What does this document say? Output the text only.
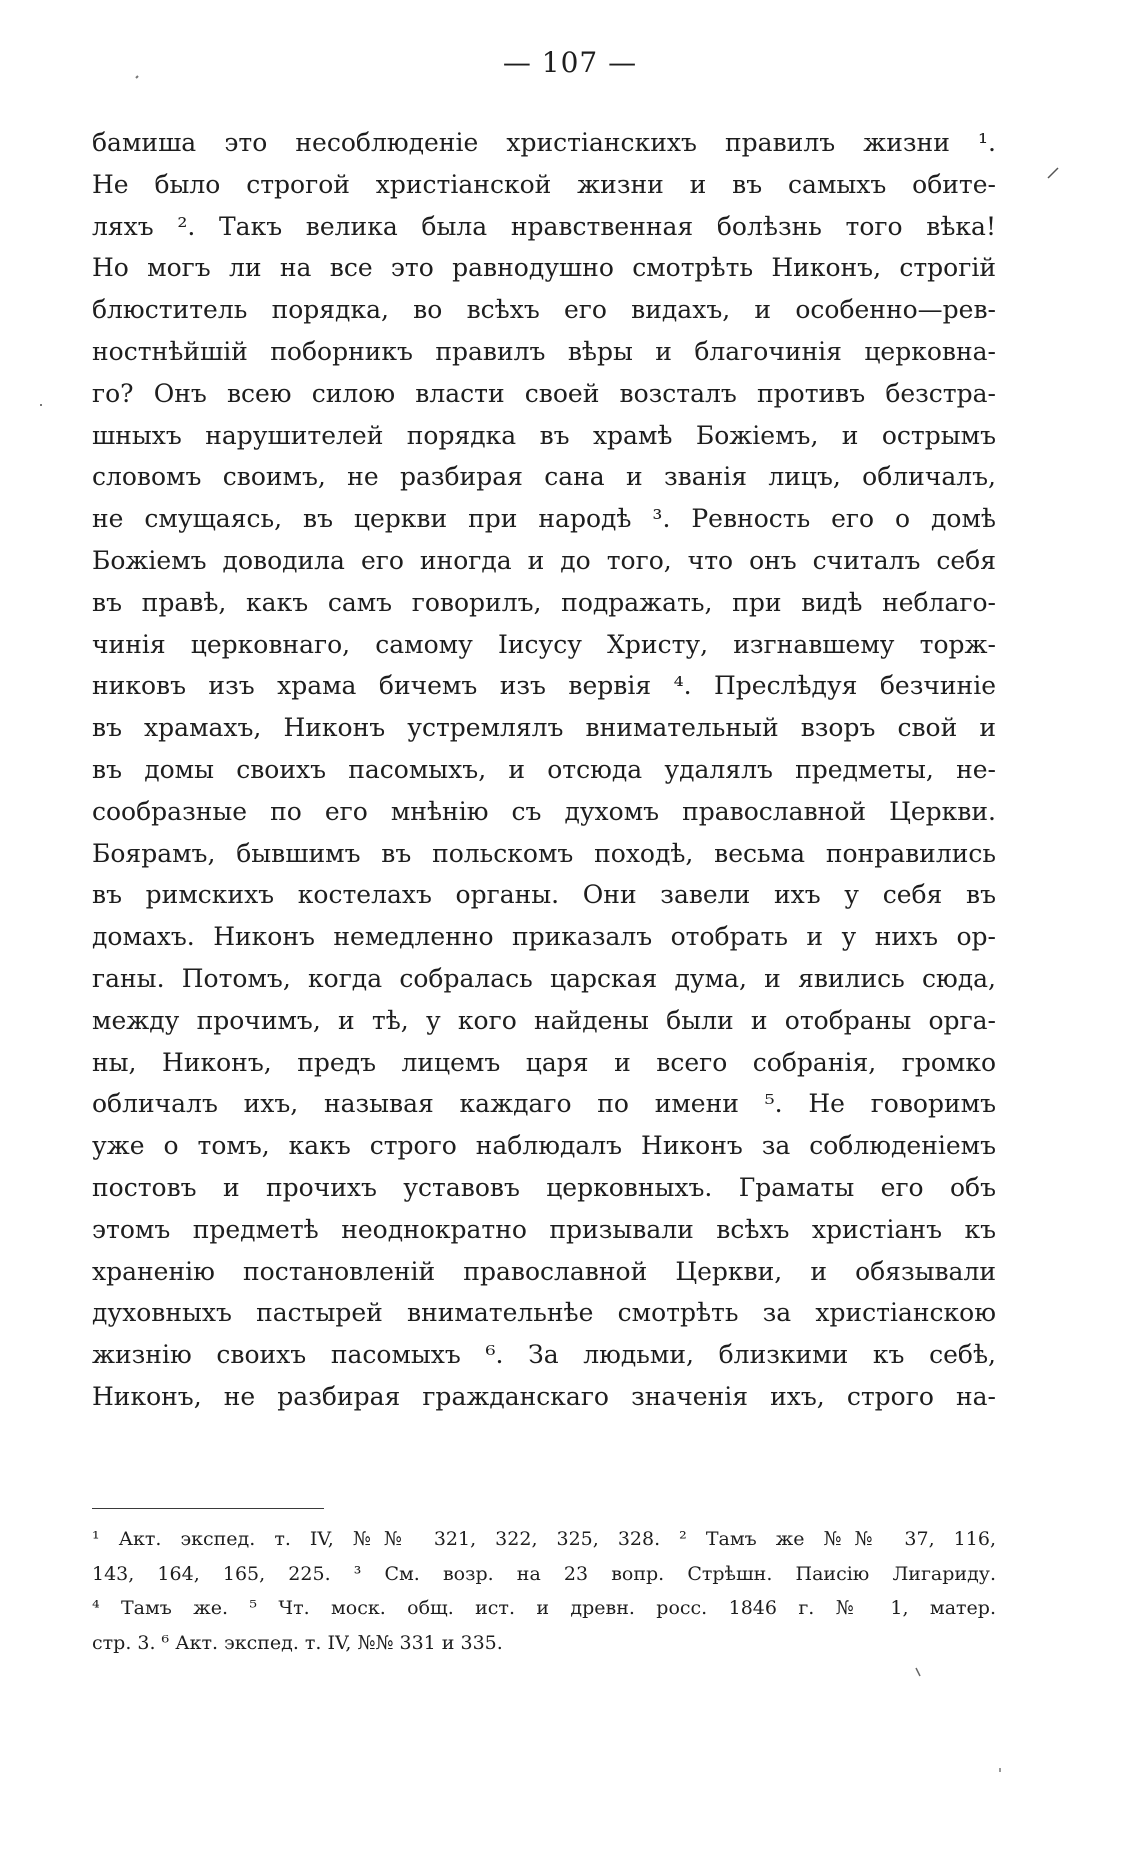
— 107 —
бамиша это несоблюденіе христіанскихъ правилъ жизни ¹.
Не было строгой христіанской жизни и въ самыхъ обите-
ляхъ ². Такъ велика была нравственная болѣзнь того вѣка!
Но могъ ли на все это равнодушно смотрѣть Никонъ, строгій
блюститель порядка, во всѣхъ его видахъ, и особенно—рев-
ностнѣйшій поборникъ правилъ вѣры и благочинія церковна-
го? Онъ всею силою власти своей возсталъ противъ безстра-
шныхъ нарушителей порядка въ храмѣ Божіемъ, и острымъ
словомъ своимъ, не разбирая сана и званія лицъ, обличалъ,
не смущаясь, въ церкви при народѣ ³. Ревность его о домѣ
Божіемъ доводила его иногда и до того, что онъ считалъ себя
въ правѣ, какъ самъ говорилъ, подражать, при видѣ неблаго-
чинія церковнаго, самому Іисусу Христу, изгнавшему торж-
никовъ изъ храма бичемъ изъ вервія ⁴. Преслѣдуя безчиніе
въ храмахъ, Никонъ устремлялъ внимательный взоръ свой и
въ домы своихъ пасомыхъ, и отсюда удалялъ предметы, не-
сообразные по его мнѣнію съ духомъ православной Церкви.
Боярамъ, бывшимъ въ польскомъ походѣ, весьма понравились
въ римскихъ костелахъ органы. Они завели ихъ у себя въ
домахъ. Никонъ немедленно приказалъ отобрать и у нихъ ор-
ганы. Потомъ, когда собралась царская дума, и явились сюда,
между прочимъ, и тѣ, у кого найдены были и отобраны орга-
ны, Никонъ, предъ лицемъ царя и всего собранія, громко
обличалъ ихъ, называя каждаго по имени ⁵. Не говоримъ
уже о томъ, какъ строго наблюдалъ Никонъ за соблюденіемъ
постовъ и прочихъ уставовъ церковныхъ. Граматы его объ
этомъ предметѣ неоднократно призывали всѣхъ христіанъ къ
храненію постановленій православной Церкви, и обязывали
духовныхъ пастырей внимательнѣе смотрѣть за христіанскою
жизнію своихъ пасомыхъ ⁶. За людьми, близкими къ себѣ,
Никонъ, не разбирая гражданскаго значенія ихъ, строго на-
¹ Акт. экспед. т. IV, №№ 321, 322, 325, 328. ² Тамъ же №№ 37, 116,
143, 164, 165, 225. ³ См. возр. на 23 вопр. Стрѣшн. Паисію Лигариду.
⁴ Тамъ же. ⁵ Чт. моск. общ. ист. и древн. росс. 1846 г. № 1, матер.
стр. 3. ⁶ Акт. экспед. т. IV, №№ 331 и 335.
